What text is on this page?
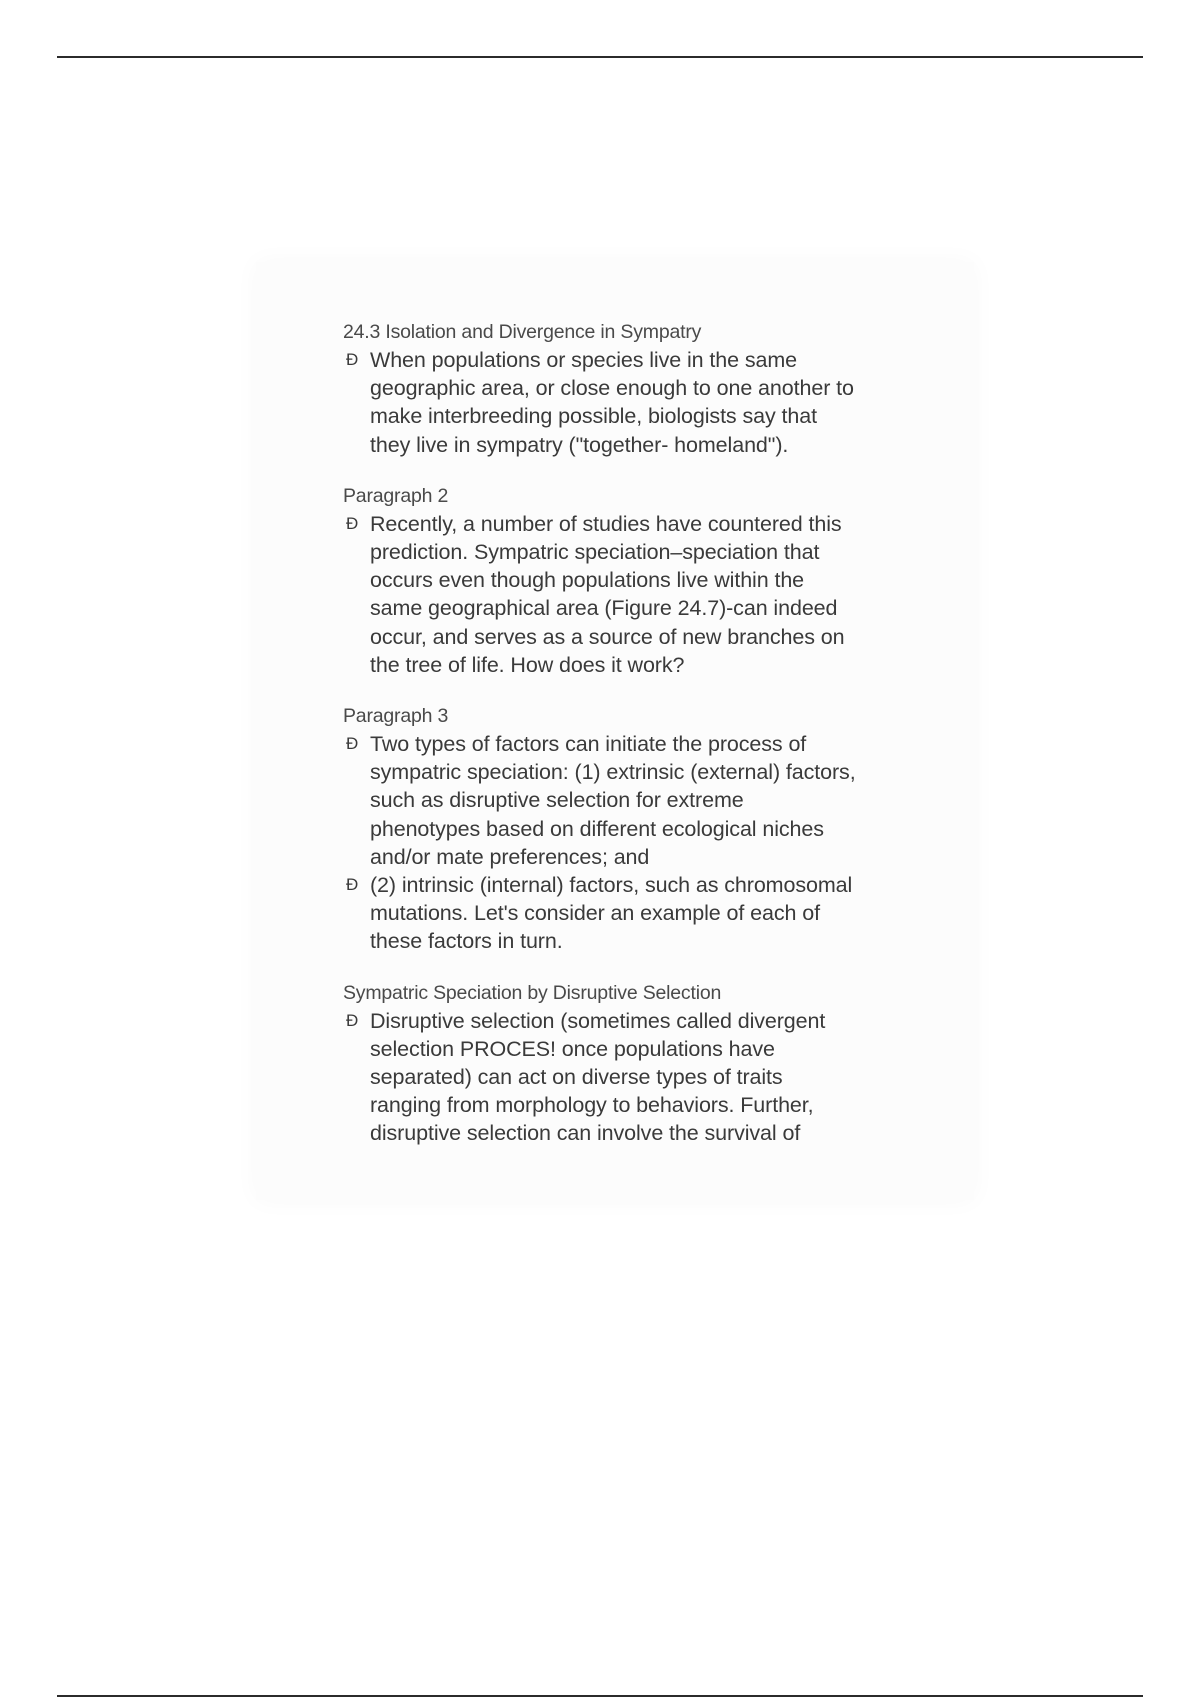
24.3 Isolation and Divergence in Sympatry
Đ When populations or species live in the same
geographic area, or close enough to one another to
make interbreeding possible, biologists say that
they live in sympatry ("together- homeland").
Paragraph 2
Đ Recently, a number of studies have countered this
prediction. Sympatric speciation–speciation that
occurs even though populations live within the
same geographical area (Figure 24.7)-can indeed
occur, and serves as a source of new branches on
the tree of life. How does it work?
Paragraph 3
Đ Two types of factors can initiate the process of
sympatric speciation: (1) extrinsic (external) factors,
such as disruptive selection for extreme
phenotypes based on different ecological niches
and/or mate preferences; and
Đ (2) intrinsic (internal) factors, such as chromosomal
mutations. Let's consider an example of each of
these factors in turn.
Sympatric Speciation by Disruptive Selection
Đ Disruptive selection (sometimes called divergent
selection PROCES! once populations have
separated) can act on diverse types of traits
ranging from morphology to behaviors. Further,
disruptive selection can involve the survival of
